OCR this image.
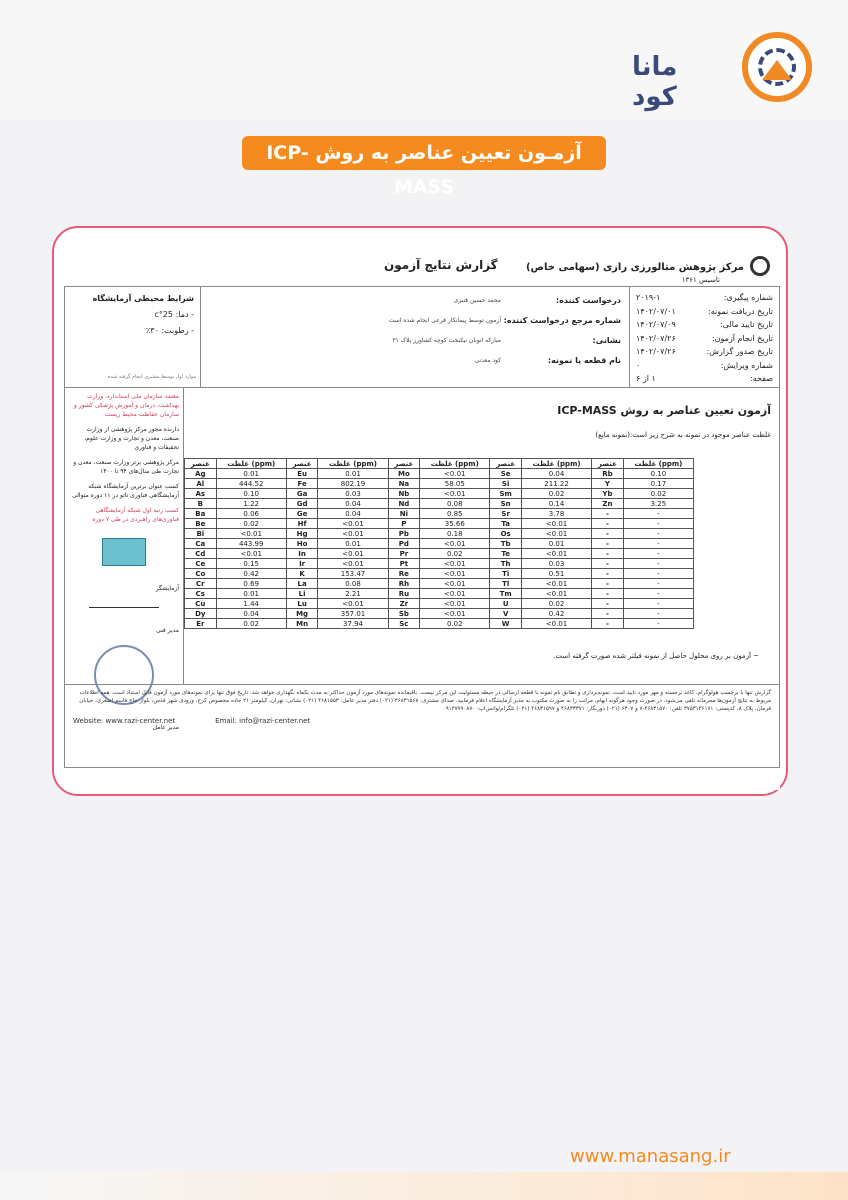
مانا کود
آزمـون تعیین عناصر به روش ICP-MASS
مرکز پژوهش متالورزی رازی (سهامی خاص)
تاسیس ۱۳۶۱
گزارش نتایج آزمون
شماره پیگیری:
۲۰۱۹-۱
تاریخ دریافت نمونه:
۱۴۰۲/۰۷/۰۱
تاریخ تایید مالی:
۱۴۰۲/۰۷/۰۹
تاریخ انجام آزمون:
۱۴۰۲/۰۷/۲۶
تاریخ صدور گزارش:
۱۴۰۲/۰۷/۲۶
شماره ویرایش:
۰
صفحه:
۱ از ۶
درخواست کننده:
محمد حسین قنبری
شماره مرجع درخواست کننده:
آزمون توسط پیمانکار فرعی انجام شده است
نشانی:
مبارکه اتوبان نیکبخت کوچه کشاورز پلاک ۳۱
نام قطعه یا نمونه:
کود معدنی
شرایط محیطی آزمایشگاه
- دما: 25°c
- رطوبت: ۳۰٪
موارد اول توسط مشتری انجام گرفته شده
آزمون تعیین عناصر به روش ICP-MASS
غلظت عناصر موجود در نمونه به شرح زیر است:(نمونه مایع)
عنصر	غلظت (ppm)	عنصر	غلظت (ppm)	عنصر	غلظت (ppm)	عنصر	غلظت (ppm)	عنصر	غلظت (ppm)
Ag	0.01	Eu	0.01	Mo	<0.01	Se	0.04	Rb	0.10
Al	444.52	Fe	802.19	Na	58.05	Si	211.22	Y	0.17
As	0.10	Ga	0.03	Nb	<0.01	Sm	0.02	Yb	0.02
B	1.22	Gd	0.04	Nd	0.08	Sn	0.14	Zn	3.25
Ba	0.06	Ge	0.04	Ni	0.85	Sr	3.78	-	-
Be	0.02	Hf	<0.01	P	35.66	Ta	<0.01	-	-
Bi	<0.01	Hg	<0.01	Pb	0.18	Os	<0.01	-	-
Ca	443.99	Ho	0.01	Pd	<0.01	Tb	0.01	-	-
Cd	<0.01	In	<0.01	Pr	0.02	Te	<0.01	-	-
Ce	0.15	Ir	<0.01	Pt	<0.01	Th	0.03	-	-
Co	0.42	K	153.47	Re	<0.01	Ti	0.51	-	-
Cr	0.69	La	0.08	Rh	<0.01	Tl	<0.01	-	-
Cs	0.01	Li	2.21	Ru	<0.01	Tm	<0.01	-	-
Cu	1.44	Lu	<0.01	Zr	<0.01	U	0.02	-	-
Dy	0.04	Mg	357.01	Sb	<0.01	V	0.42	-	-
Er	0.02	Mn	37.94	Sc	0.02	W	<0.01	-	-
~ آزمون بر روی محلول حاصل از نمونه فیلتر شده صورت گرفته است.
معتمد سازمان ملی استاندارد، وزارت بهداشت، درمان و آموزش پزشکی کشور و سازمان حفاظت محیط زیست
دارنده مجوز مرکز پژوهشی از وزارت صنعت، معدن و تجارت و وزارت علوم، تحقیقات و فناوری
مرکز پژوهشی برتر وزارت صنعت، معدن و تجارت طی سال‌های ۹۴ تا ۱۴۰۰
کسب عنوان برترین آزمایشگاه شبکه آزمایشگاهی فناوری نانو در ۱۱ دوره متوالی
کسب رتبه اول شبکه آزمایشگاهی فناوری‌های راهبردی در طی ۷ دوره
آزمایشگر
مدیر فنی
مدیر عامل
گزارش تنها با برچسب هولوگرام، کاغذ برجسته و مهر مورد تایید است. نمونه‌برداری و تطابق نام نمونه با قطعه ارسالی در حیطه مسئولیت این مرکز نیست. باقیمانده نمونه‌های مورد آزمون حداکثر به مدت یکماه نگهداری خواهد شد. تاریخ فوق تنها برای نمونه‌های مورد آزمون قابل استناد است. همه اطلاعات مربوط به نتایج آزمون‌ها محرمانه تلقی می‌شود. در صورت وجود هرگونه ابهام، مراتب را به صورت مکتوب به مدیر آزمایشگاه اعلام فرمایید. صدای مشتری: ۴۶۸۳۱۵۶۸ (۰۲۱) دفتر مدیر عامل: ۴۶۸۱۵۵۳ (۰۲۱) نشانی: تهران، کیلومتر ۲۱ جاده مخصوص کرج، ورودی شهر قدس، بلوار حاج قاسم اصغری، خیابان فرمان، پلاک ۸، کدپستی: ۳۷۵۳۱۴۶۱۷۱ تلفن: ۴۶۸۳۱۵۷۰-۷ و ۶۳۰۷ (۰۲۱) دورنگار: ۴۶۸۳۳۳۷۱ و ۴۶۸۳۱۵۹۷ (۰۲۱) تلگرام/واتس‌اپ: ۰۹۱۲۷۹۹۰۸۷۰
Website: www.razi-center.net	Email: info@razi-center.net
www.manasang.ir
